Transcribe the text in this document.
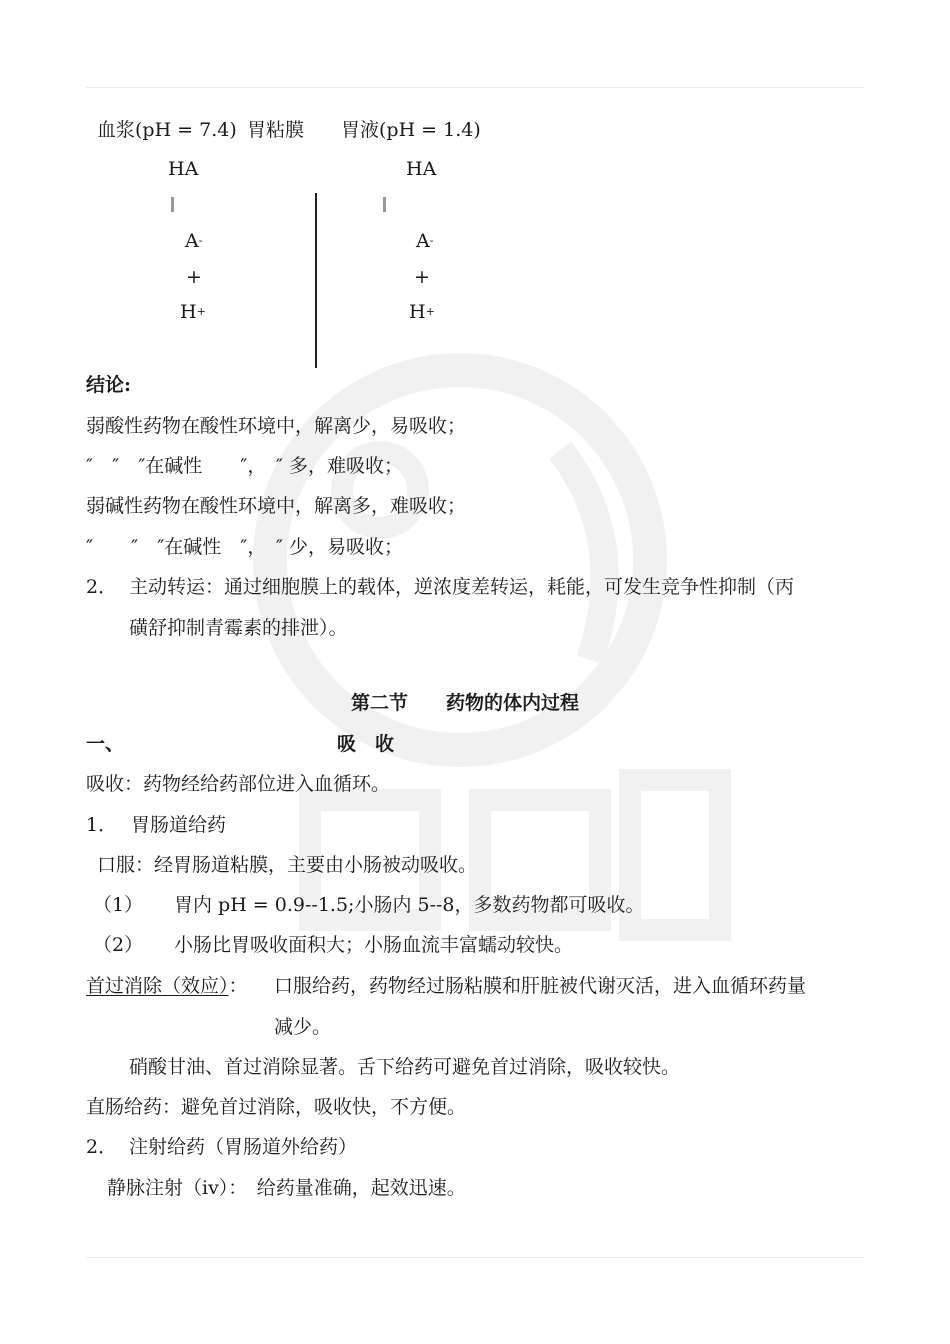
血浆(pH = 7.4) 胃粘膜 胃液(pH = 1.4)
HA	HA
A-	A-
+	+
H+	H+
结论:
弱酸性药物在酸性环境中，解离少，易吸收；
″　″　″在碱性　　″，　″ 多，难吸收；
弱碱性药物在酸性环境中，解离多，难吸收；
″　　″　″在碱性　″，　″ 少，易吸收；
2． 主动转运：通过细胞膜上的载体，逆浓度差转运，耗能，可发生竞争性抑制（丙
磺舒抑制青霉素的排泄）。
第二节　　药物的体内过程
一、	吸　收
吸收：药物经给药部位进入血循环。
1． 胃肠道给药
口服：经胃肠道粘膜，主要由小肠被动吸收。
（1） 胃内 pH = 0.9--1.5;小肠内 5--8，多数药物都可吸收。
（2） 小肠比胃吸收面积大；小肠血流丰富蠕动较快。
首过消除（效应）： 口服给药，药物经过肠粘膜和肝脏被代谢灭活，进入血循环药量
减少。
硝酸甘油、首过消除显著。舌下给药可避免首过消除，吸收较快。
直肠给药：避免首过消除，吸收快，不方便。
2． 注射给药（胃肠道外给药）
静脉注射（iv）：　给药量准确，起效迅速。
